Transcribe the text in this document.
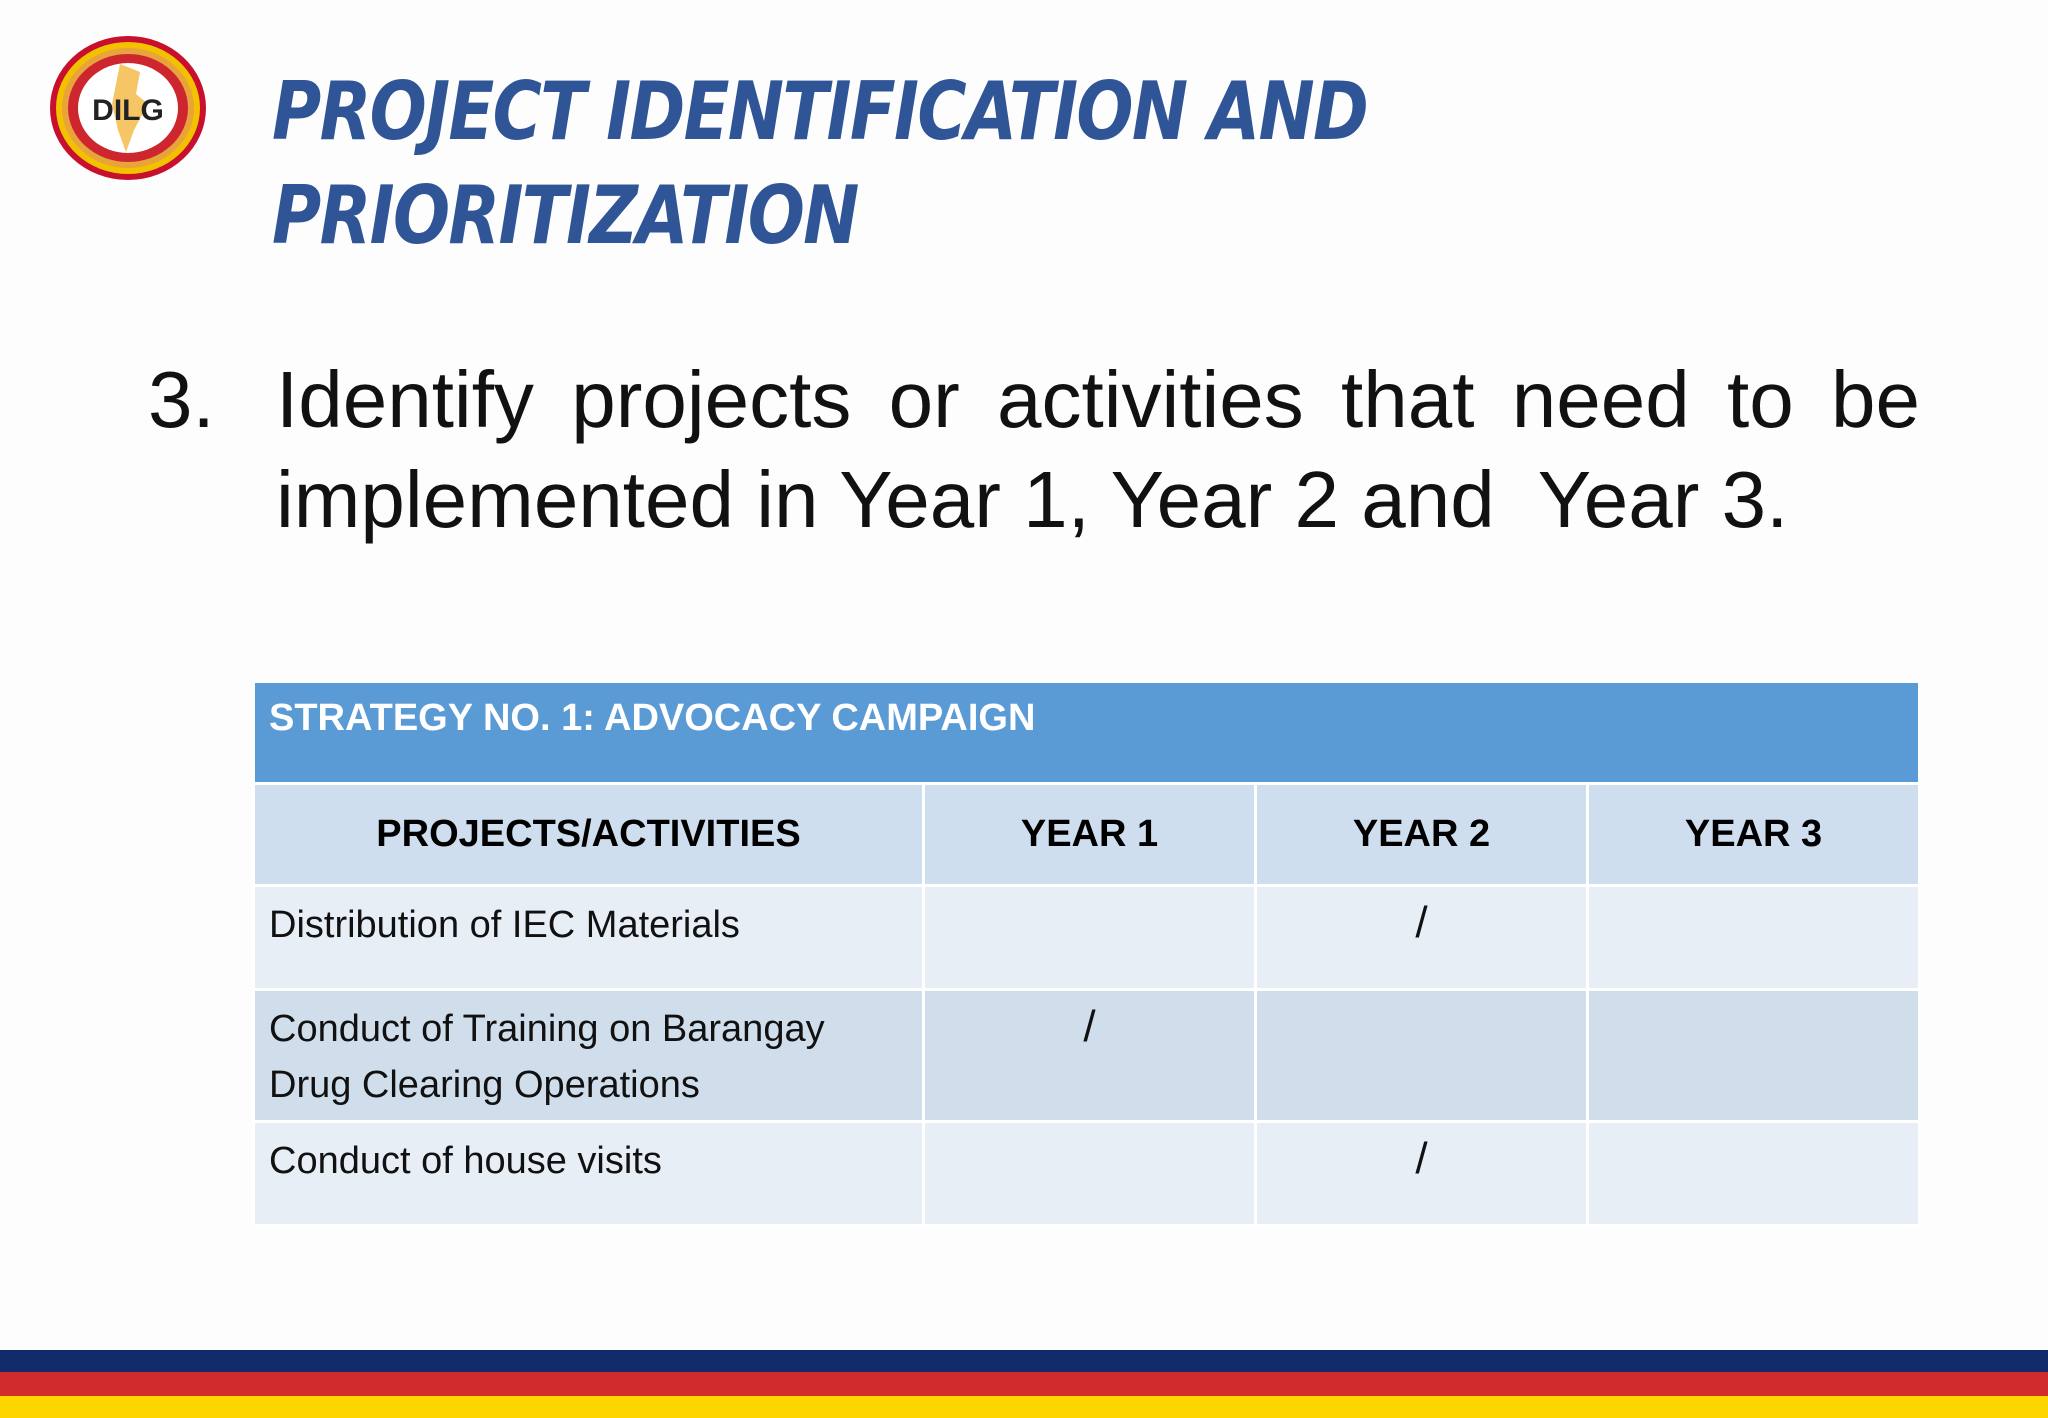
DILG PROJECT IDENTIFICATION AND
PRIORITIZATION
3. Identify projects or activities that need to be
implemented in Year 1, Year 2 and  Year 3.
STRATEGY NO. 1: ADVOCACY CAMPAIGN			
PROJECTS/ACTIVITIES	YEAR 1	YEAR 2	YEAR 3
Distribution of IEC Materials		/	
Conduct of Training on Barangay Drug Clearing Operations	/		
Conduct of house visits		/	
